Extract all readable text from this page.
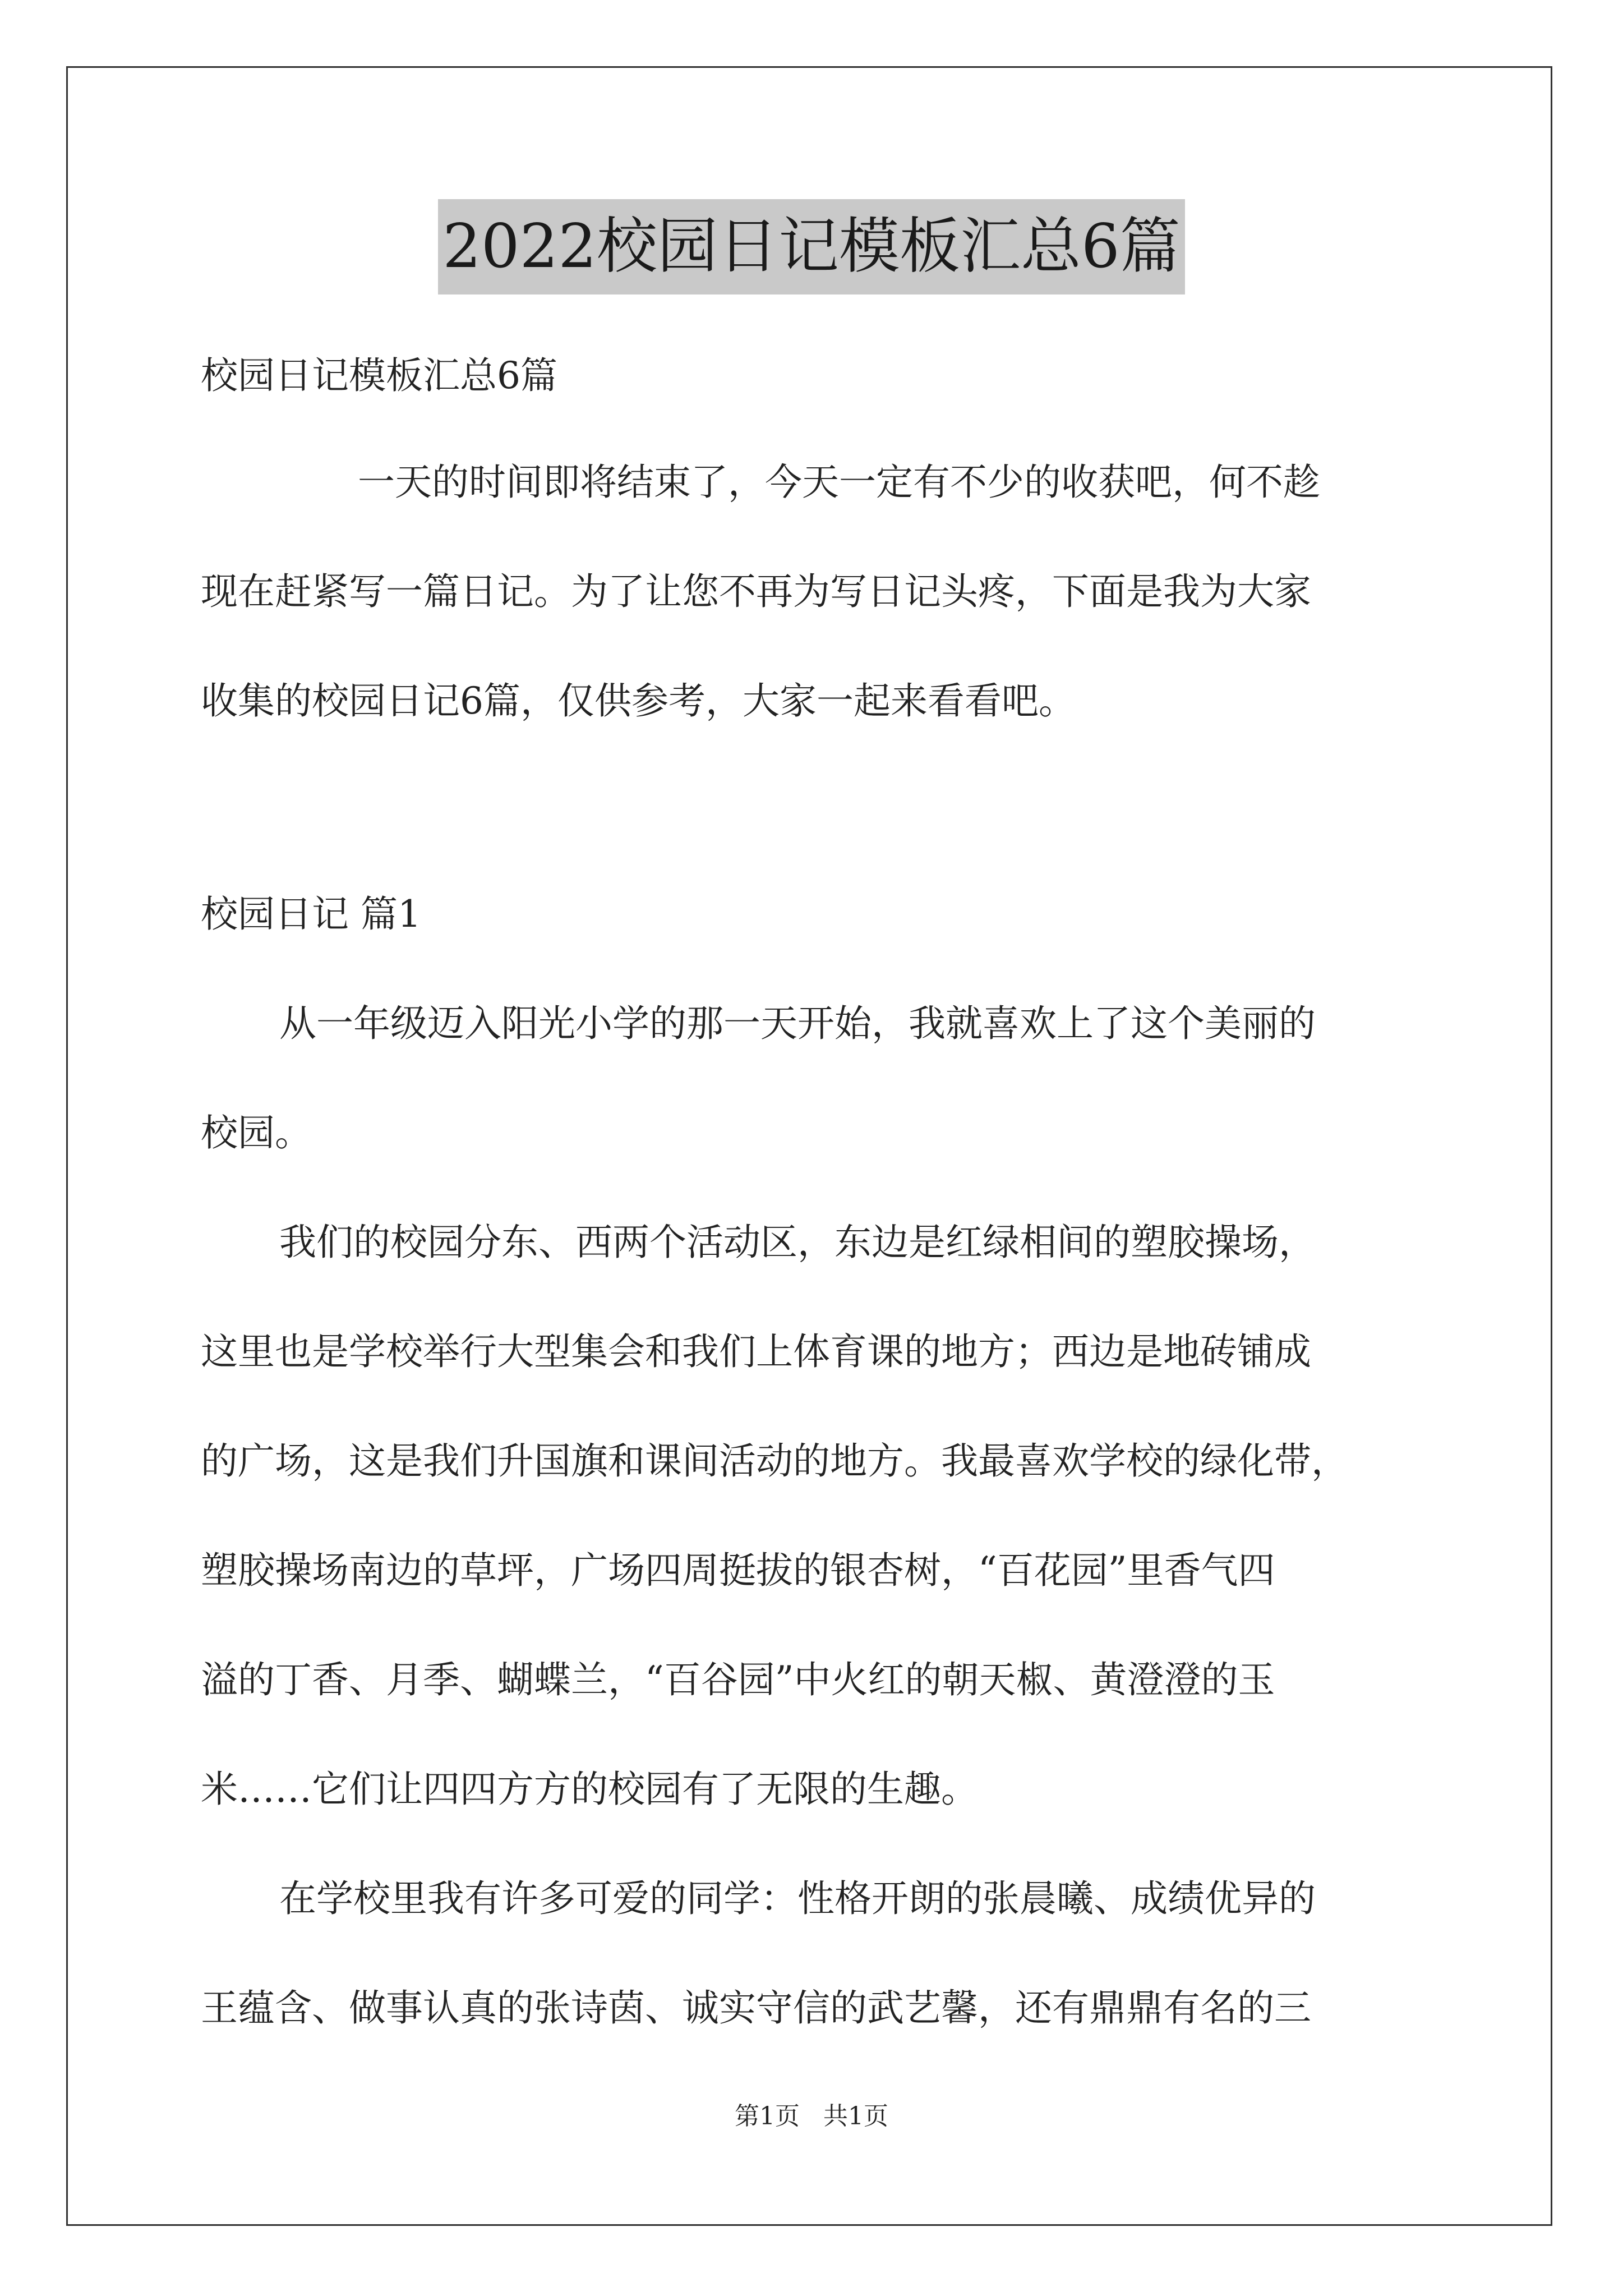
2022校园日记模板汇总6篇
校园日记模板汇总6篇
一天的时间即将结束了，今天一定有不少的收获吧，何不趁
现在赶紧写一篇日记。为了让您不再为写日记头疼，下面是我为大家
收集的校园日记6篇，仅供参考，大家一起来看看吧。
校园日记 篇1
从一年级迈入阳光小学的那一天开始，我就喜欢上了这个美丽的
校园。
我们的校园分东、西两个活动区，东边是红绿相间的塑胶操场，
这里也是学校举行大型集会和我们上体育课的地方；西边是地砖铺成
的广场，这是我们升国旗和课间活动的地方。我最喜欢学校的绿化带，
塑胶操场南边的草坪，广场四周挺拔的银杏树，“百花园”里香气四
溢的丁香、月季、蝴蝶兰，“百谷园”中火红的朝天椒、黄澄澄的玉
米……它们让四四方方的校园有了无限的生趣。
在学校里我有许多可爱的同学：性格开朗的张晨曦、成绩优异的
王蕴含、做事认真的张诗茵、诚实守信的武艺馨，还有鼎鼎有名的三
第1页 共1页
